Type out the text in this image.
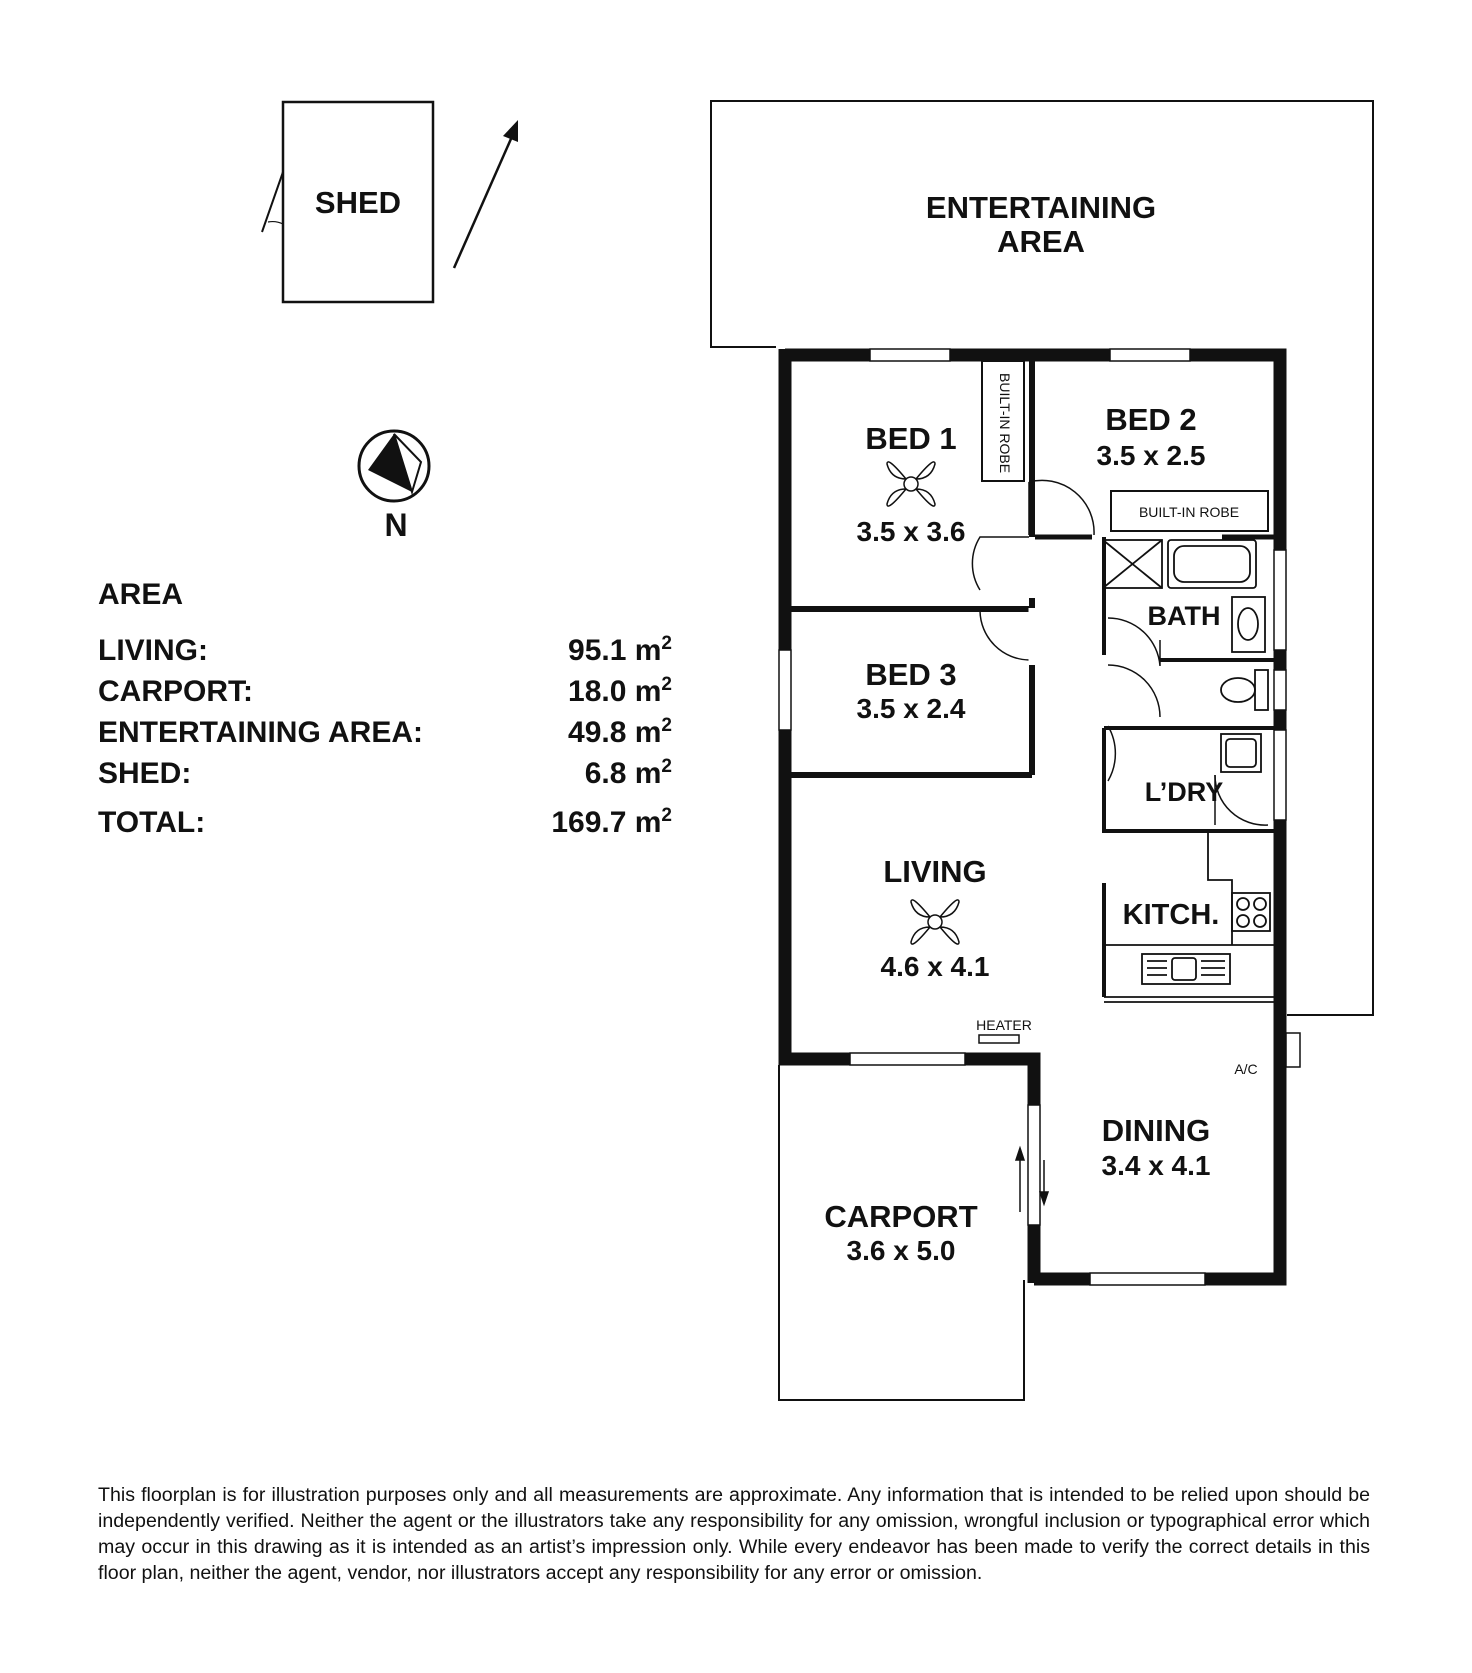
SHED	ENTERTAINING
AREA
CARPORT
3.6 x 5.0
BUILT-IN ROBE
BUILT-IN ROBE
HEATER
A/C
N
BED 1
3.5 x 3.6
BED 2
3.5 x 2.5
BED 3
3.5 x 2.4
BATH
L’DRY
KITCH.
LIVING
4.6 x 4.1
DINING
3.4 x 4.1
AREA
LIVING:	95.1 $m^2$
CARPORT:	18.0 $m^2$
ENTERTAINING AREA:	49.8 $m^2$
SHED:	6.8 $m^2$
TOTAL:	169.7 $m^2$
This floorplan is for illustration purposes only and all measurements are approximate. Any information that is intended to be relied upon should be independently verified. Neither the agent or the illustrators take any responsibility for any omission, wrongful inclusion or typographical error which may occur in this drawing as it is intended as an artist’s impression only. While every endeavor has been made to verify the correct details in this floor plan, neither the agent, vendor, nor illustrators accept any responsibility for any error or omission.
